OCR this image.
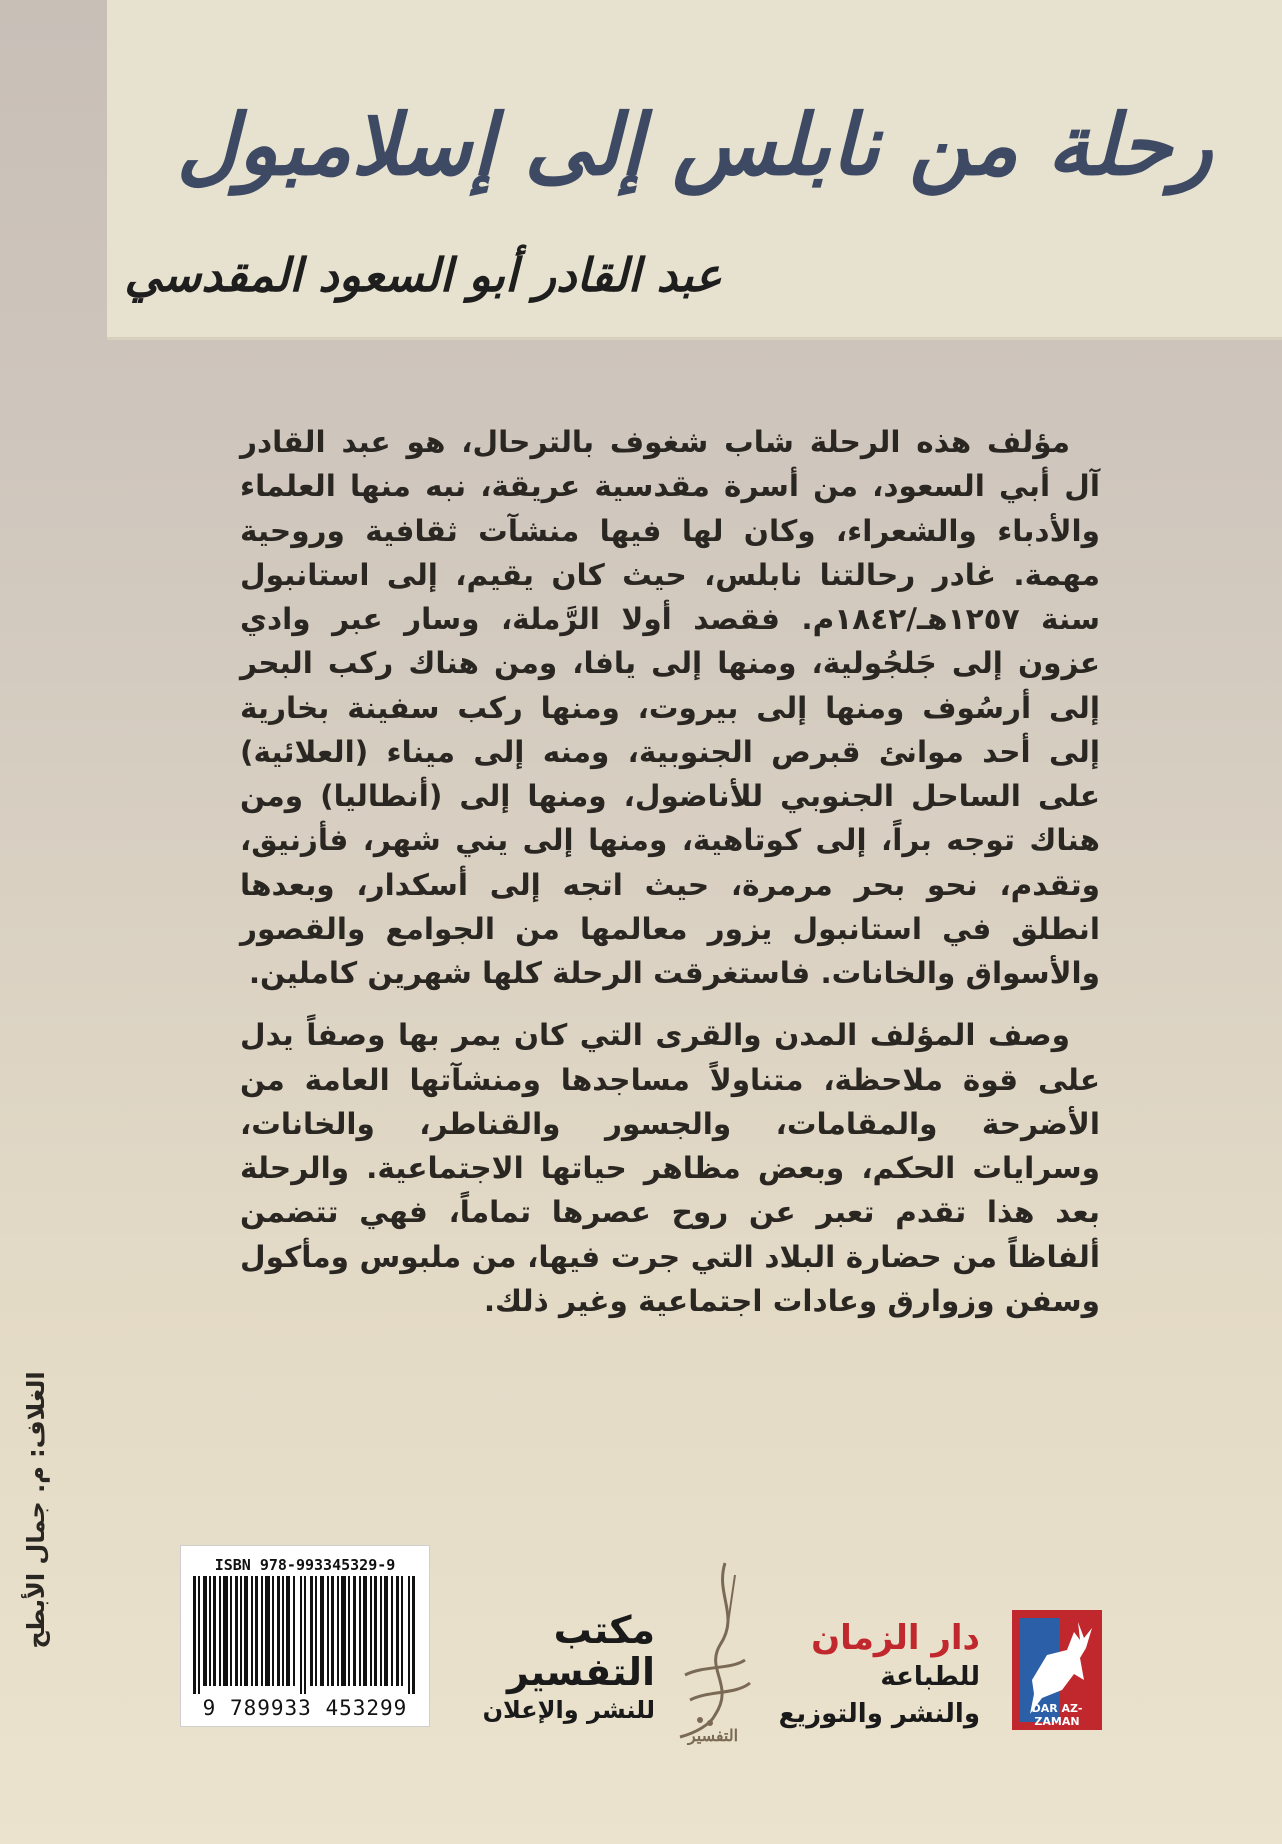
رحلة من نابلس إلى إسلامبول
عبد القادر أبو السعود المقدسي

مؤلف هذه الرحلة شاب شغوف بالترحال، هو عبد القادر آل أبي السعود، من أسرة مقدسية عريقة، نبه منها العلماء والأدباء والشعراء، وكان لها فيها منشآت ثقافية وروحية مهمة. غادر رحالتنا نابلس، حيث كان يقيم، إلى استانبول سنة ١٢٥٧هـ/١٨٤٢م. فقصد أولا الرَّملة، وسار عبر وادي عزون إلى جَلجُولية، ومنها إلى يافا، ومن هناك ركب البحر إلى أرسُوف ومنها إلى بيروت، ومنها ركب سفينة بخارية إلى أحد موانئ قبرص الجنوبية، ومنه إلى ميناء (العلائية) على الساحل الجنوبي للأناضول، ومنها إلى (أنطاليا) ومن هناك توجه براً، إلى كوتاهية، ومنها إلى يني شهر، فأزنيق، وتقدم، نحو بحر مرمرة، حيث اتجه إلى أسكدار، وبعدها انطلق في استانبول يزور معالمها من الجوامع والقصور والأسواق والخانات. فاستغرقت الرحلة كلها شهرين كاملين.

وصف المؤلف المدن والقرى التي كان يمر بها وصفاً يدل على قوة ملاحظة، متناولاً مساجدها ومنشآتها العامة من الأضرحة والمقامات، والجسور والقناطر، والخانات، وسرايات الحكم، وبعض مظاهر حياتها الاجتماعية. والرحلة بعد هذا تقدم تعبر عن روح عصرها تماماً، فهي تتضمن ألفاظاً من حضارة البلاد التي جرت فيها، من ملبوس ومأكول وسفن وزوارق وعادات اجتماعية وغير ذلك.

الغلاف: م. جمال الأبطح	ISBN 978-993345329-9
9 789933 453299
مكتب
التفسير
للنشر والإعلان
التفسير
دار الزمان
للطباعة
والنشر والتوزيع	DAR AZ-ZAMAN
